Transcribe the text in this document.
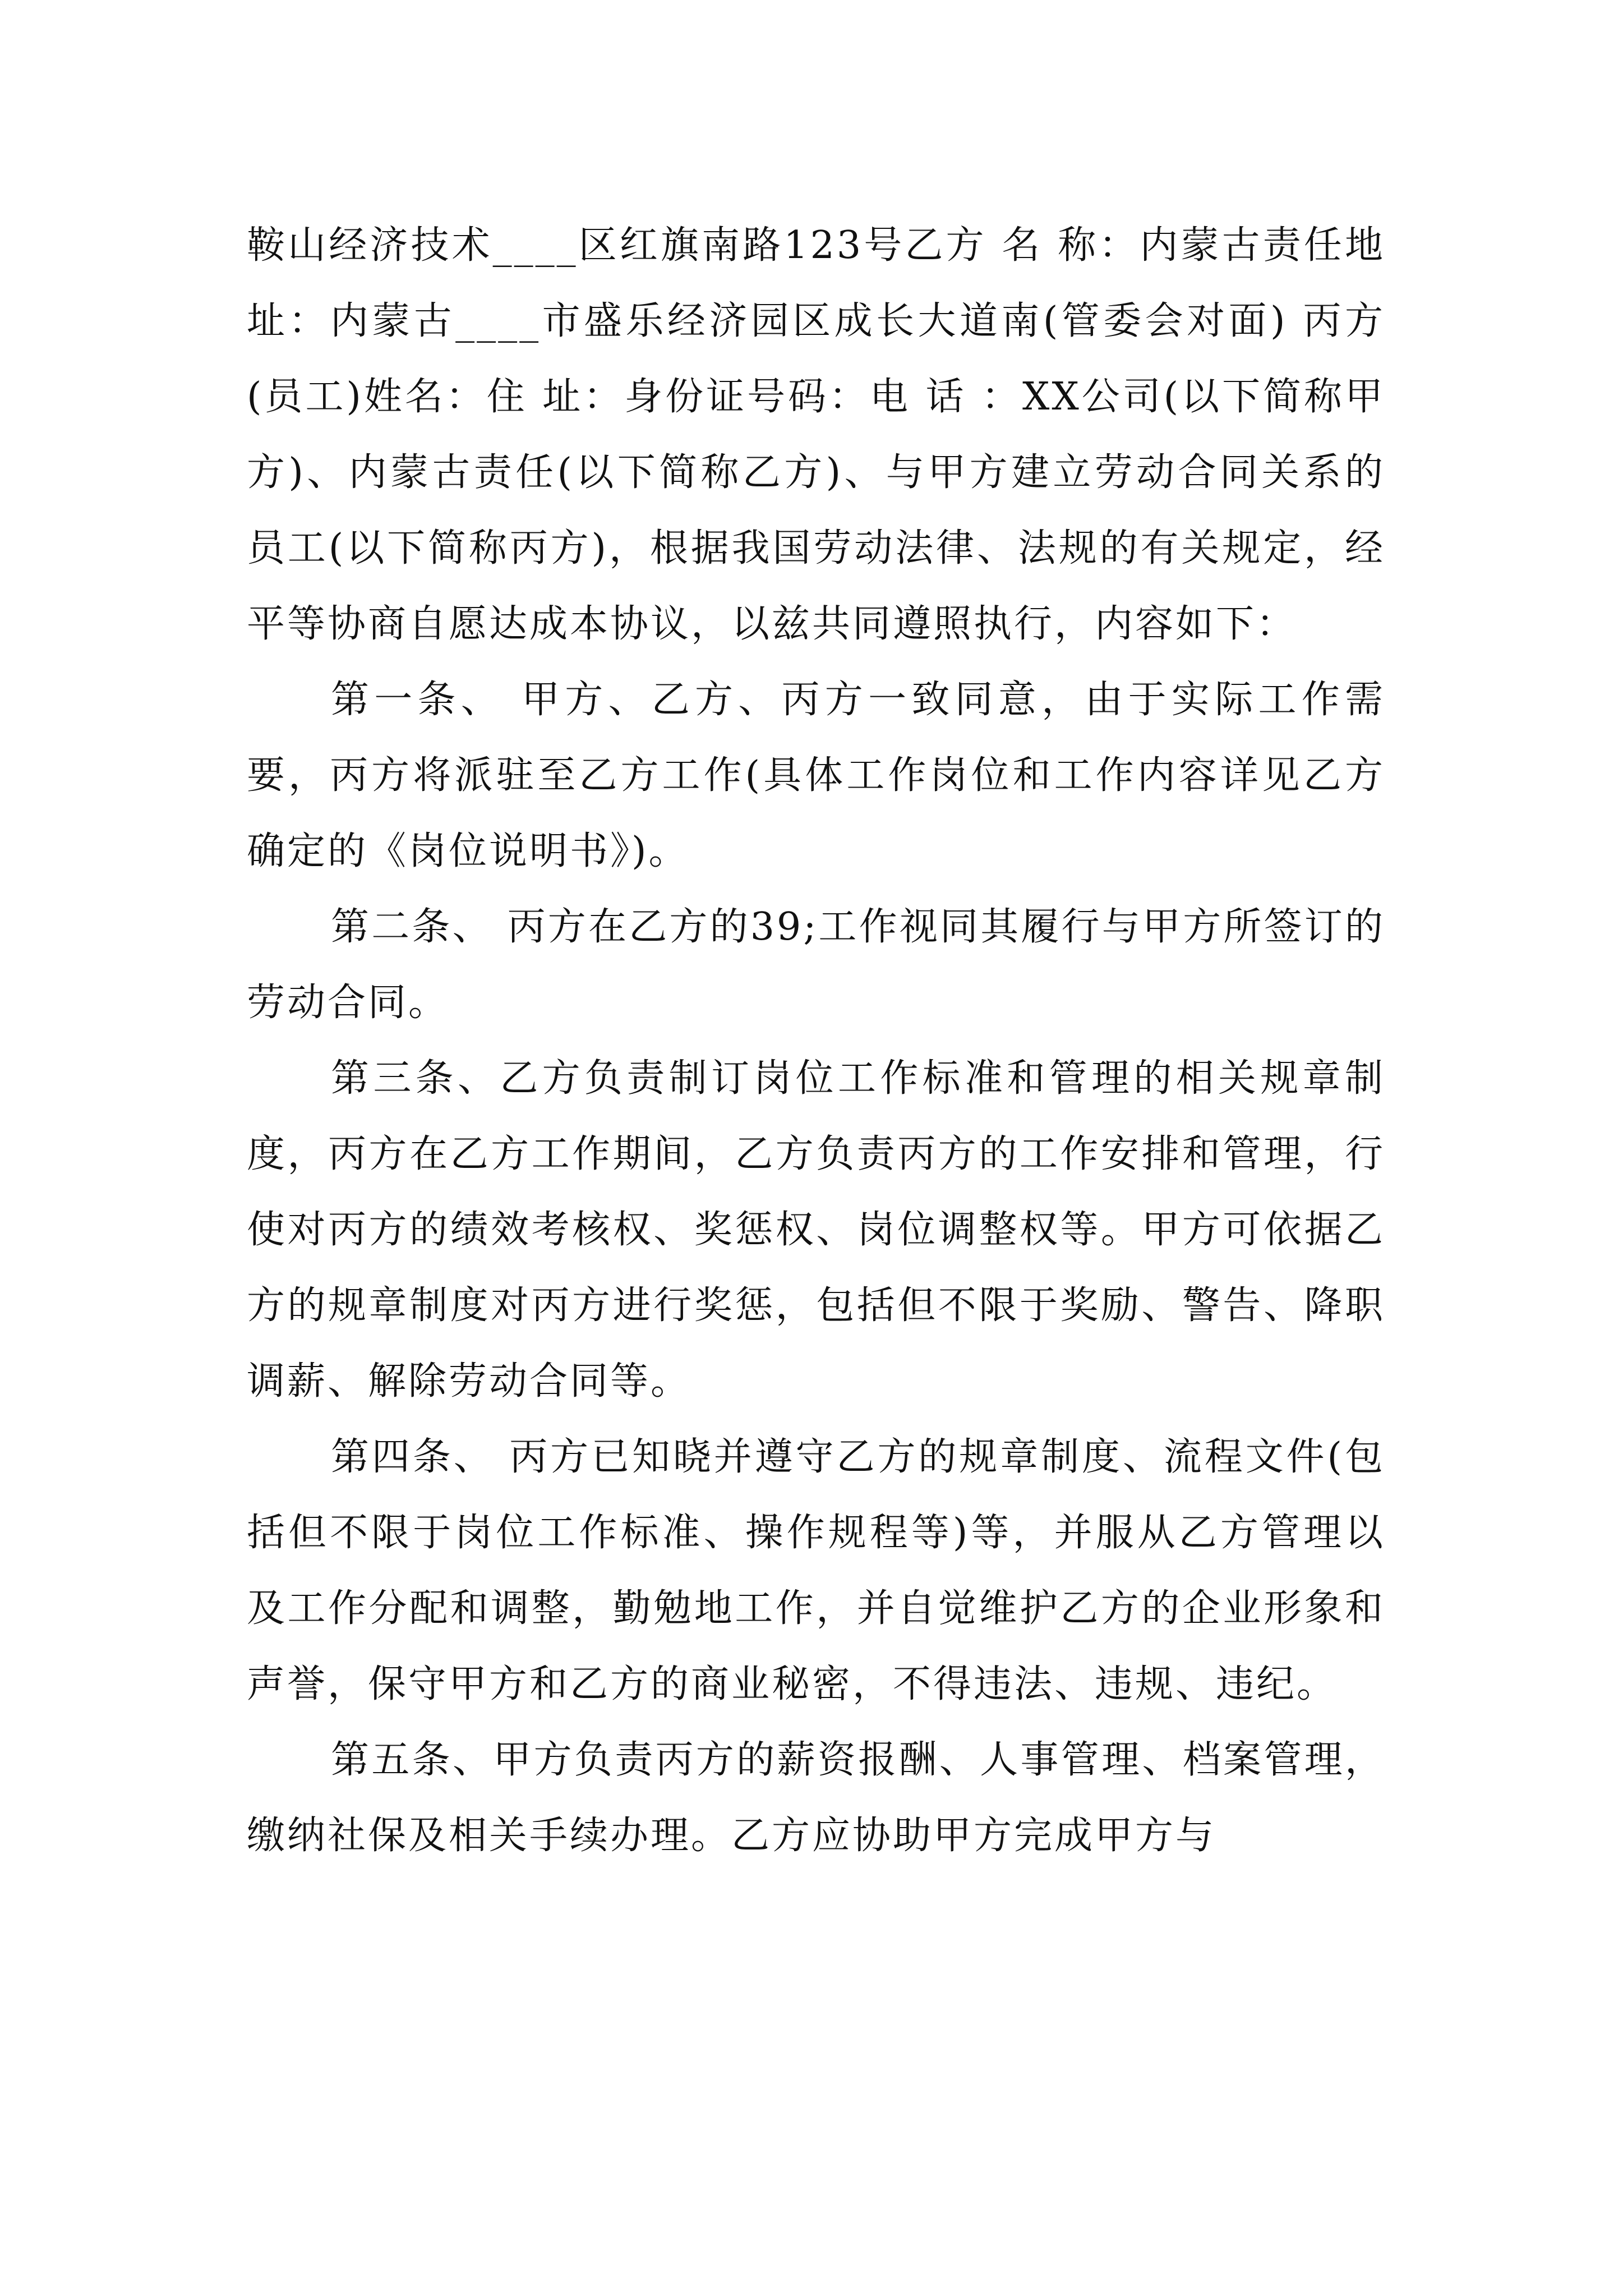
鞍山经济技术____区红旗南路123号乙方 名 称：内蒙古责任地 址：内蒙古____市盛乐经济园区成长大道南(管委会对面) 丙方(员工)姓名：住 址：身份证号码：电 话 ：XX公司(以下简称甲方)、内蒙古责任(以下简称乙方)、与甲方建立劳动合同关系的员工(以下简称丙方)，根据我国劳动法律、法规的有关规定，经平等协商自愿达成本协议，以兹共同遵照执行，内容如下：

第一条、 甲方、乙方、丙方一致同意，由于实际工作需要，丙方将派驻至乙方工作(具体工作岗位和工作内容详见乙方确定的《岗位说明书》)。

第二条、 丙方在乙方的39;工作视同其履行与甲方所签订的劳动合同。

第三条、乙方负责制订岗位工作标准和管理的相关规章制度，丙方在乙方工作期间，乙方负责丙方的工作安排和管理，行使对丙方的绩效考核权、奖惩权、岗位调整权等。甲方可依据乙方的规章制度对丙方进行奖惩，包括但不限于奖励、警告、降职调薪、解除劳动合同等。

第四条、 丙方已知晓并遵守乙方的规章制度、流程文件(包括但不限于岗位工作标准、操作规程等)等，并服从乙方管理以及工作分配和调整，勤勉地工作，并自觉维护乙方的企业形象和声誉，保守甲方和乙方的商业秘密，不得违法、违规、违纪。

第五条、甲方负责丙方的薪资报酬、人事管理、档案管理，缴纳社保及相关手续办理。乙方应协助甲方完成甲方与
